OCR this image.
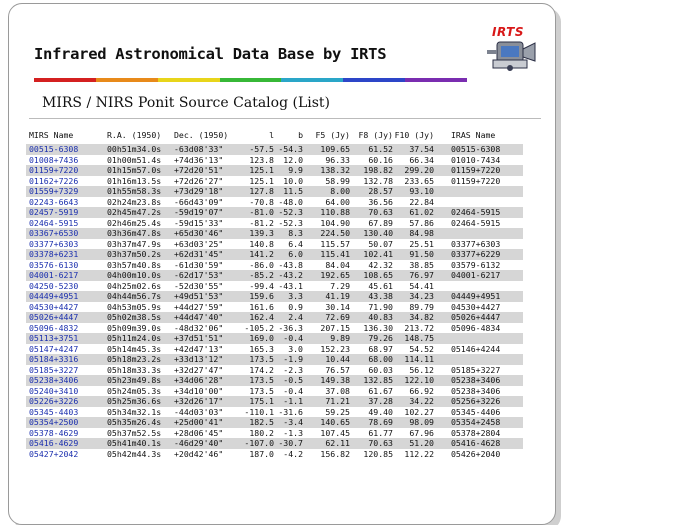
Infrared Astronomical Data Base by IRTS
IRTS
MIRS / NIRS Ponit Source Catalog (List)
MIRS Name	R.A. (1950)	Dec. (1950)	l	b	F5 (Jy)	F8 (Jy)	F10 (Jy)	IRAS Name
00515-6308	00h51m34.0s	-63d08'33"	-57.5	-54.3	109.65	61.52	37.54	00515-6308
01008+7436	01h00m51.4s	+74d36'13"	123.8	12.0	96.33	60.16	66.34	01010-7434
01159+7220	01h15m57.0s	+72d20'51"	125.1	9.9	138.32	198.82	299.20	01159+7220
01162+7226	01h16m13.5s	+72d26'27"	125.1	10.0	58.99	132.78	233.65	01159+7220
01559+7329	01h55m58.3s	+73d29'18"	127.8	11.5	8.00	28.57	93.10	
02243-6643	02h24m23.8s	-66d43'09"	-70.8	-48.0	64.00	36.56	22.84	
02457-5919	02h45m47.2s	-59d19'07"	-81.0	-52.3	110.88	70.63	61.02	02464-5915
02464-5915	02h46m25.4s	-59d15'33"	-81.2	-52.3	104.90	67.89	57.86	02464-5915
03367+6530	03h36m47.8s	+65d30'46"	139.3	8.3	224.50	130.40	84.98	
03377+6303	03h37m47.9s	+63d03'25"	140.8	6.4	115.57	50.07	25.51	03377+6303
03378+6231	03h37m50.2s	+62d31'45"	141.2	6.0	115.41	102.41	91.50	03377+6229
03576-6130	03h57m40.8s	-61d30'59"	-86.0	-43.8	84.04	42.32	38.85	03579-6132
04001-6217	04h00m10.0s	-62d17'53"	-85.2	-43.2	192.65	108.65	76.97	04001-6217
04250-5230	04h25m02.6s	-52d30'55"	-99.4	-43.1	7.29	45.61	54.41	
04449+4951	04h44m56.7s	+49d51'53"	159.6	3.3	41.19	43.38	34.23	04449+4951
04530+4427	04h53m05.9s	+44d27'59"	161.6	0.9	30.14	71.90	89.79	04530+4427
05026+4447	05h02m38.5s	+44d47'40"	162.4	2.4	72.69	40.83	34.82	05026+4447
05096-4832	05h09m39.0s	-48d32'06"	-105.2	-36.3	207.15	136.30	213.72	05096-4834
05113+3751	05h11m24.0s	+37d51'51"	169.0	-0.4	9.89	79.26	148.75	
05147+4247	05h14m45.3s	+42d47'13"	165.3	3.0	152.23	68.97	54.52	05146+4244
05184+3316	05h18m23.2s	+33d13'12"	173.5	-1.9	10.44	68.00	114.11	
05185+3227	05h18m33.3s	+32d27'47"	174.2	-2.3	76.57	60.03	56.12	05185+3227
05238+3406	05h23m49.8s	+34d06'28"	173.5	-0.5	149.38	132.85	122.10	05238+3406
05240+3410	05h24m05.3s	+34d10'00"	173.5	-0.4	37.08	61.67	66.92	05238+3406
05226+3226	05h25m36.6s	+32d26'17"	175.1	-1.1	71.21	37.28	34.22	05256+3226
05345-4403	05h34m32.1s	-44d03'03"	-110.1	-31.6	59.25	49.40	102.27	05345-4406
05354+2500	05h35m26.4s	+25d00'41"	182.5	-3.4	140.65	78.69	98.09	05354+2458
05378-4629	05h37m52.5s	+28d06'45"	180.2	-1.3	107.45	61.77	67.96	05378+2804
05416-4629	05h41m40.1s	-46d29'40"	-107.0	-30.7	62.11	70.63	51.20	05416-4628
05427+2042	05h42m44.3s	+20d42'46"	187.0	-4.2	156.82	120.85	112.22	05426+2040
